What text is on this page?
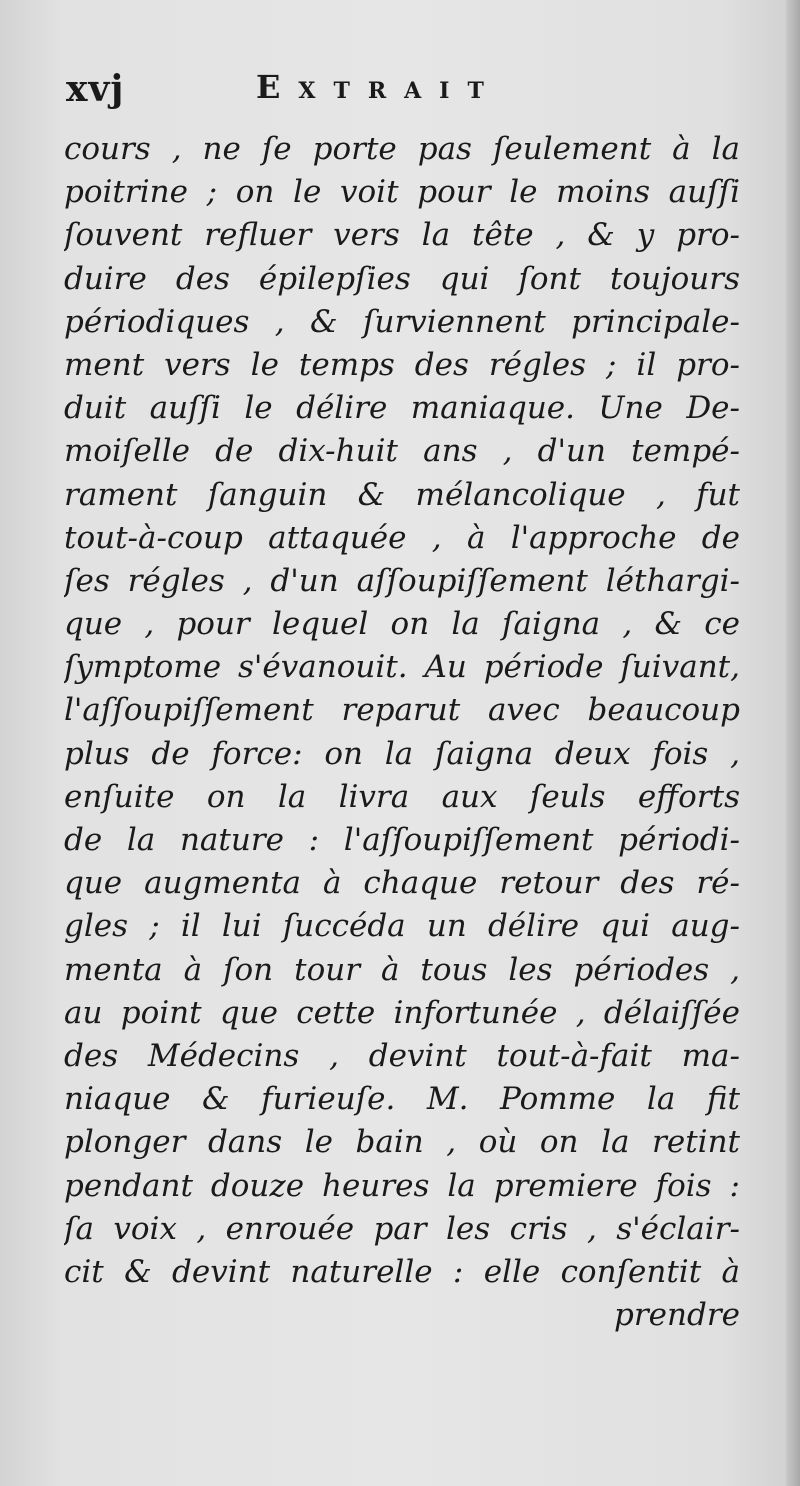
xvj	Extrait
cours , ne ſe porte pas ſeulement à la
poitrine ; on le voit pour le moins auſſi
ſouvent refluer vers la tête , & y pro-
duire des épilepſies qui ſont toujours
périodiques , & ſurviennent principale-
ment vers le temps des régles ; il pro-
duit auſſi le délire maniaque. Une De-
moiſelle de dix-huit ans , d'un tempé-
rament ſanguin & mélancolique , fut
tout-à-coup attaquée , à l'approche de
ſes régles , d'un aſſoupiſſement léthargi-
que , pour lequel on la ſaigna , & ce
ſymptome s'évanouit. Au période ſuivant,
l'aſſoupiſſement reparut avec beaucoup
plus de force: on la ſaigna deux fois ,
enſuite on la livra aux ſeuls efforts
de la nature : l'aſſoupiſſement périodi-
que augmenta à chaque retour des ré-
gles ; il lui ſuccéda un délire qui aug-
menta à ſon tour à tous les périodes ,
au point que cette infortunée , délaiſſée
des Médecins , devint tout-à-fait ma-
niaque & furieuſe. M. Pomme la fit
plonger dans le bain , où on la retint
pendant douze heures la premiere fois :
ſa voix , enrouée par les cris , s'éclair-
cit & devint naturelle : elle conſentit à
prendre
